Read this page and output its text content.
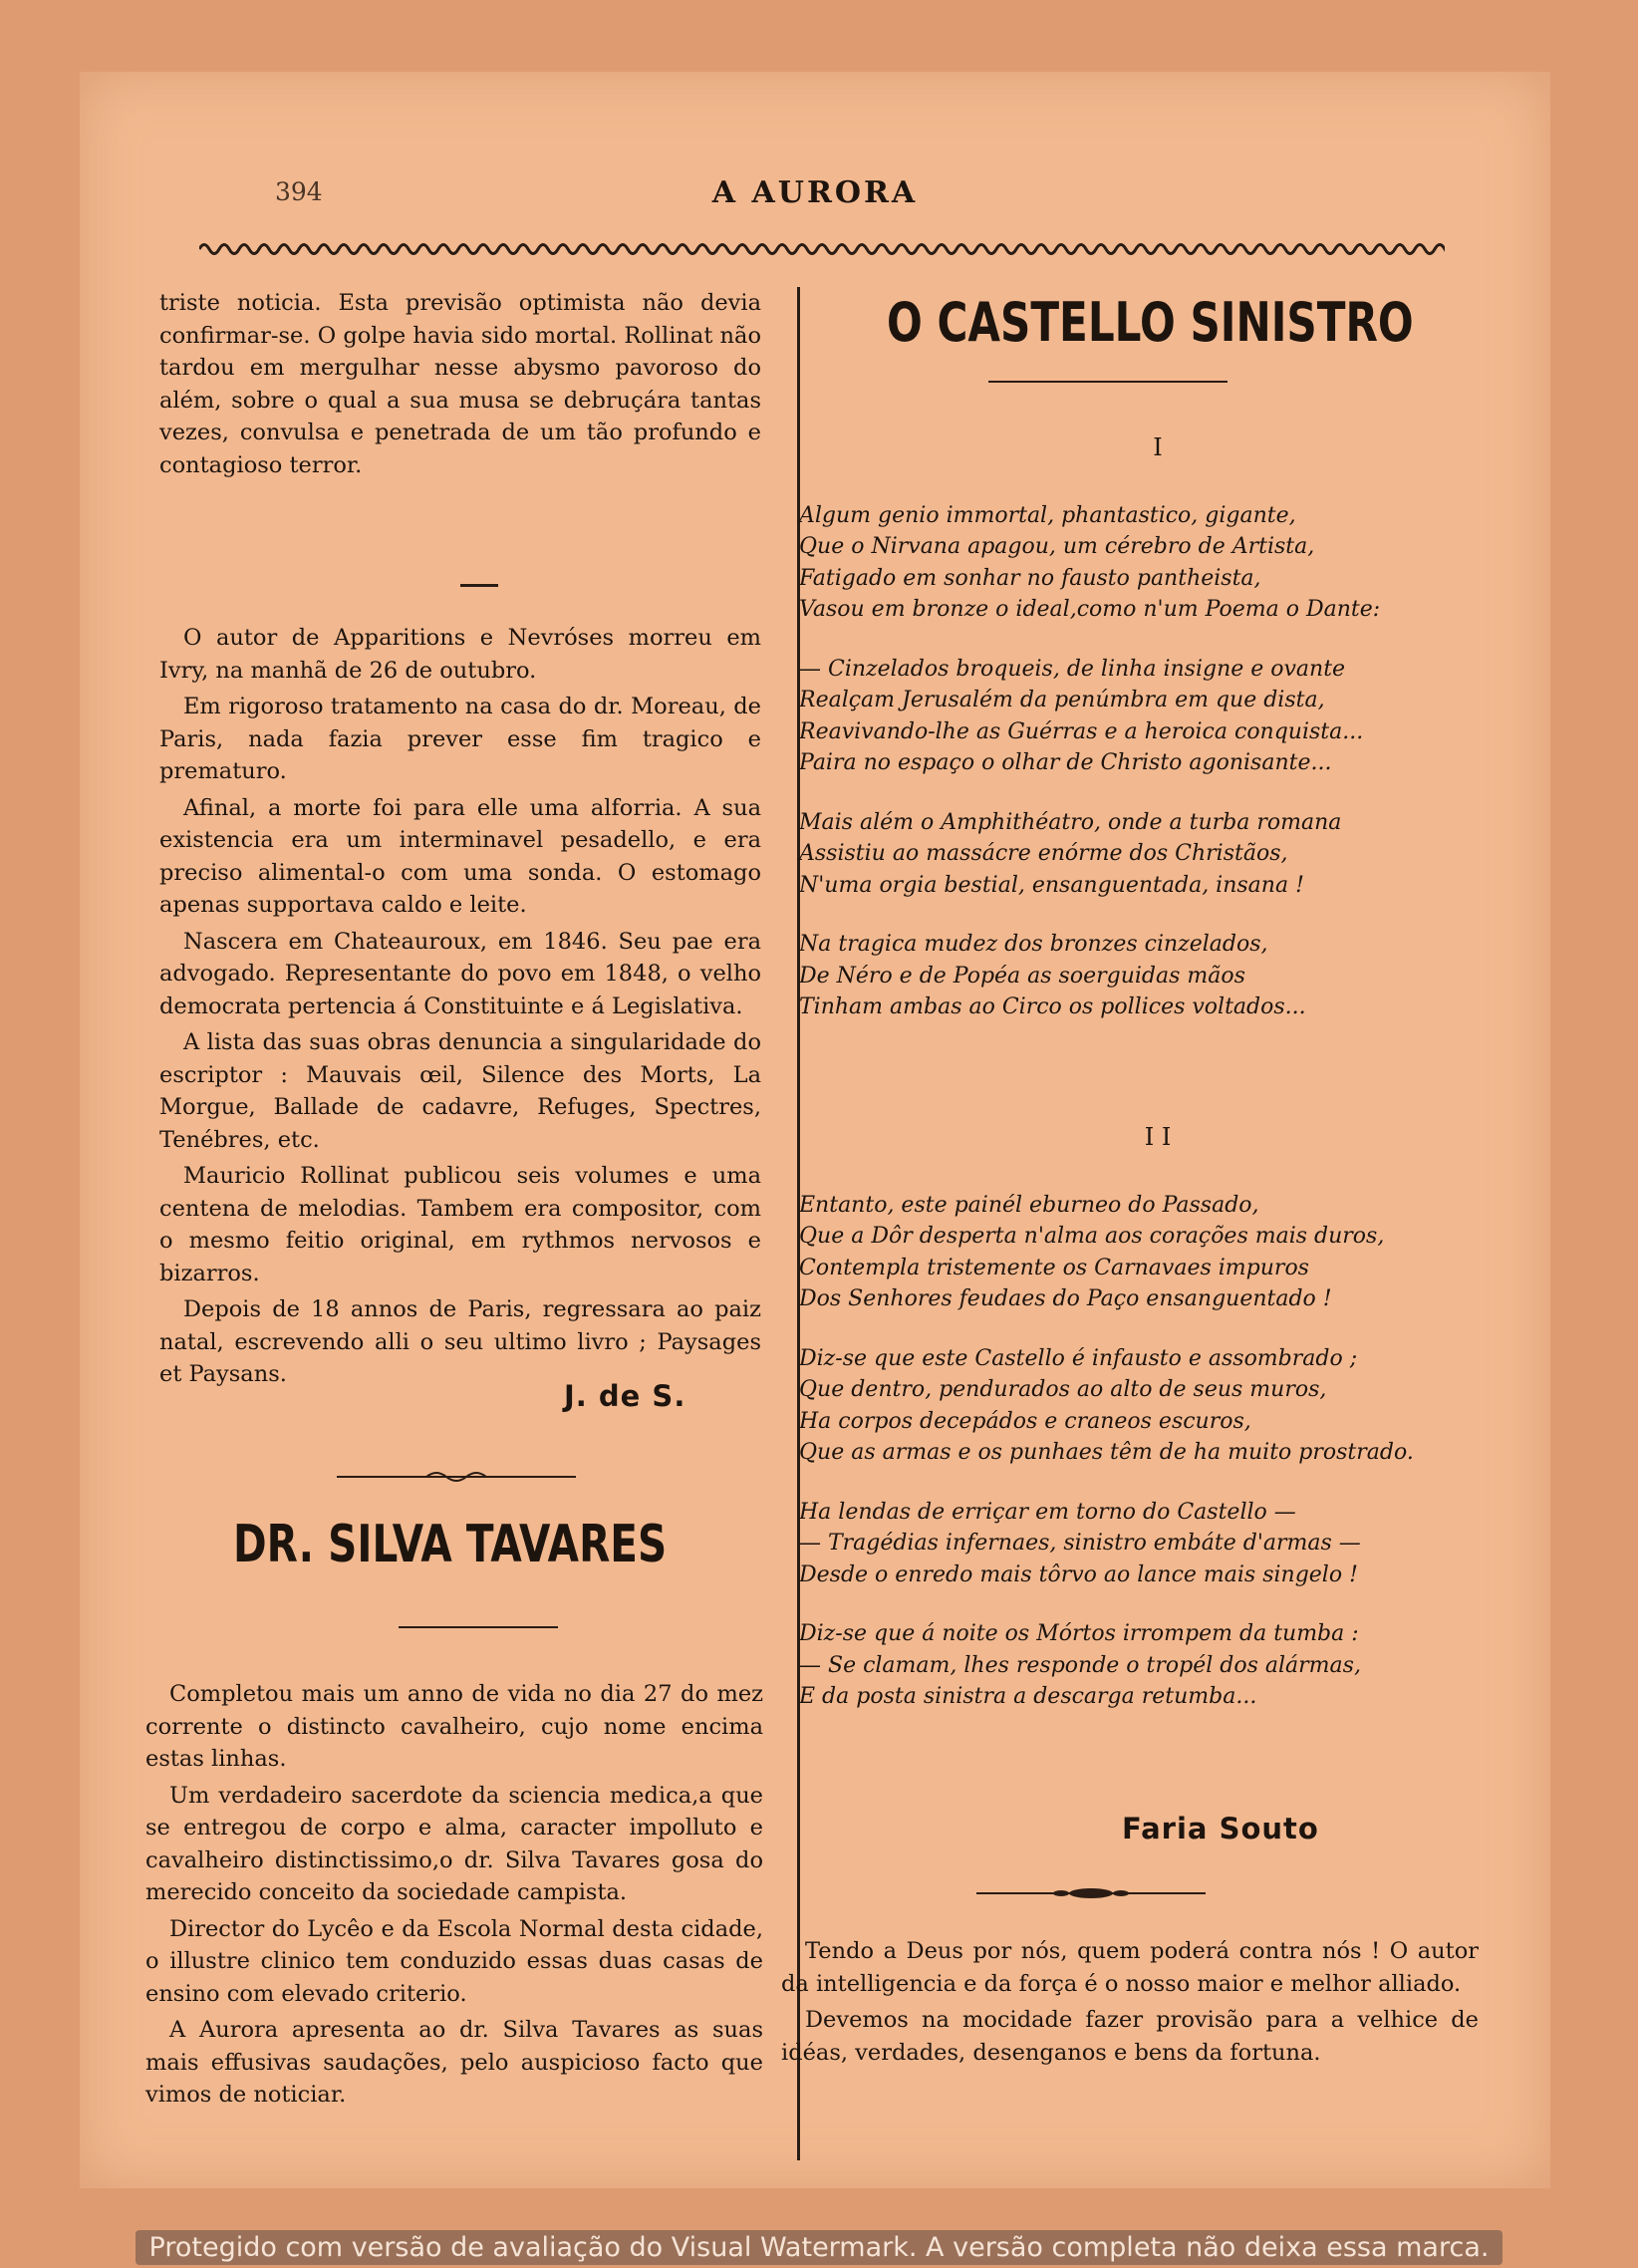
394	A AURORA

triste noticia. Esta previsão optimista não devia confirmar-se. O golpe havia sido mortal. Rollinat não tardou em mergulhar nesse abysmo pavoroso do além, sobre o qual a sua musa se debruçára tantas vezes, convulsa e penetrada de um tão profundo e contagioso terror.

O autor de Apparitions e Nevróses morreu em Ivry, na manhã de 26 de outubro.

Em rigoroso tratamento na casa do dr. Moreau, de Paris, nada fazia prever esse fim tragico e prematuro.

Afinal, a morte foi para elle uma alforria. A sua existencia era um interminavel pesadello, e era preciso alimental-o com uma sonda. O estomago apenas supportava caldo e leite.

Nascera em Chateauroux, em 1846. Seu pae era advogado. Representante do povo em 1848, o velho democrata pertencia á Constituinte e á Legislativa.

A lista das suas obras denuncia a singularidade do escriptor : Mauvais œil, Silence des Morts, La Morgue, Ballade de cadavre, Refuges, Spectres, Tenébres, etc.

Mauricio Rollinat publicou seis volumes e uma centena de melodias. Tambem era compositor, com o mesmo feitio original, em rythmos nervosos e bizarros.

Depois de 18 annos de Paris, regressara ao paiz natal, escrevendo alli o seu ultimo livro ; Paysages et Paysans.

J. de S.
DR. SILVA TAVARES

Completou mais um anno de vida no dia 27 do mez corrente o distincto cavalheiro, cujo nome encima estas linhas.

Um verdadeiro sacerdote da sciencia medica,a que se entregou de corpo e alma, caracter impolluto e cavalheiro distinctissimo,o dr. Silva Tavares gosa do merecido conceito da sociedade campista.

Director do Lycêo e da Escola Normal desta cidade, o illustre clinico tem conduzido essas duas casas de ensino com elevado criterio.

A Aurora apresenta ao dr. Silva Tavares as suas mais effusivas saudações, pelo auspicioso facto que vimos de noticiar.

O CASTELLO SINISTRO
I
Algum genio immortal, phantastico, gigante,
Que o Nirvana apagou, um cérebro de Artista,
Fatigado em sonhar no fausto pantheista,
Vasou em bronze o ideal,como n'um Poema o Dante:
— Cinzelados broqueis, de linha insigne e ovante
Realçam Jerusalém da penúmbra em que dista,
Reavivando-lhe as Guérras e a heroica conquista...
Paira no espaço o olhar de Christo agonisante...
Mais além o Amphithéatro, onde a turba romana
Assistiu ao massácre enórme dos Christãos,
N'uma orgia bestial, ensanguentada, insana !
Na tragica mudez dos bronzes cinzelados,
De Néro e de Popéa as soerguidas mãos
Tinham ambas ao Circo os pollices voltados...
I I
Entanto, este painél eburneo do Passado,
Que a Dôr desperta n'alma aos corações mais duros,
Contempla tristemente os Carnavaes impuros
Dos Senhores feudaes do Paço ensanguentado !
Diz-se que este Castello é infausto e assombrado ;
Que dentro, pendurados ao alto de seus muros,
Ha corpos decepádos e craneos escuros,
Que as armas e os punhaes têm de ha muito prostrado.
Ha lendas de erriçar em torno do Castello —
— Tragédias infernaes, sinistro embáte d'armas —
Desde o enredo mais tôrvo ao lance mais singelo !
Diz-se que á noite os Mórtos irrompem da tumba :
— Se clamam, lhes responde o tropél dos alármas,
E da posta sinistra a descarga retumba...
Faria Souto

Tendo a Deus por nós, quem poderá contra nós ! O autor da intelligencia e da força é o nosso maior e melhor alliado.

Devemos na mocidade fazer provisão para a velhice de idéas, verdades, desenganos e bens da fortuna.

Protegido com versão de avaliação do Visual Watermark. A versão completa não deixa essa marca.
